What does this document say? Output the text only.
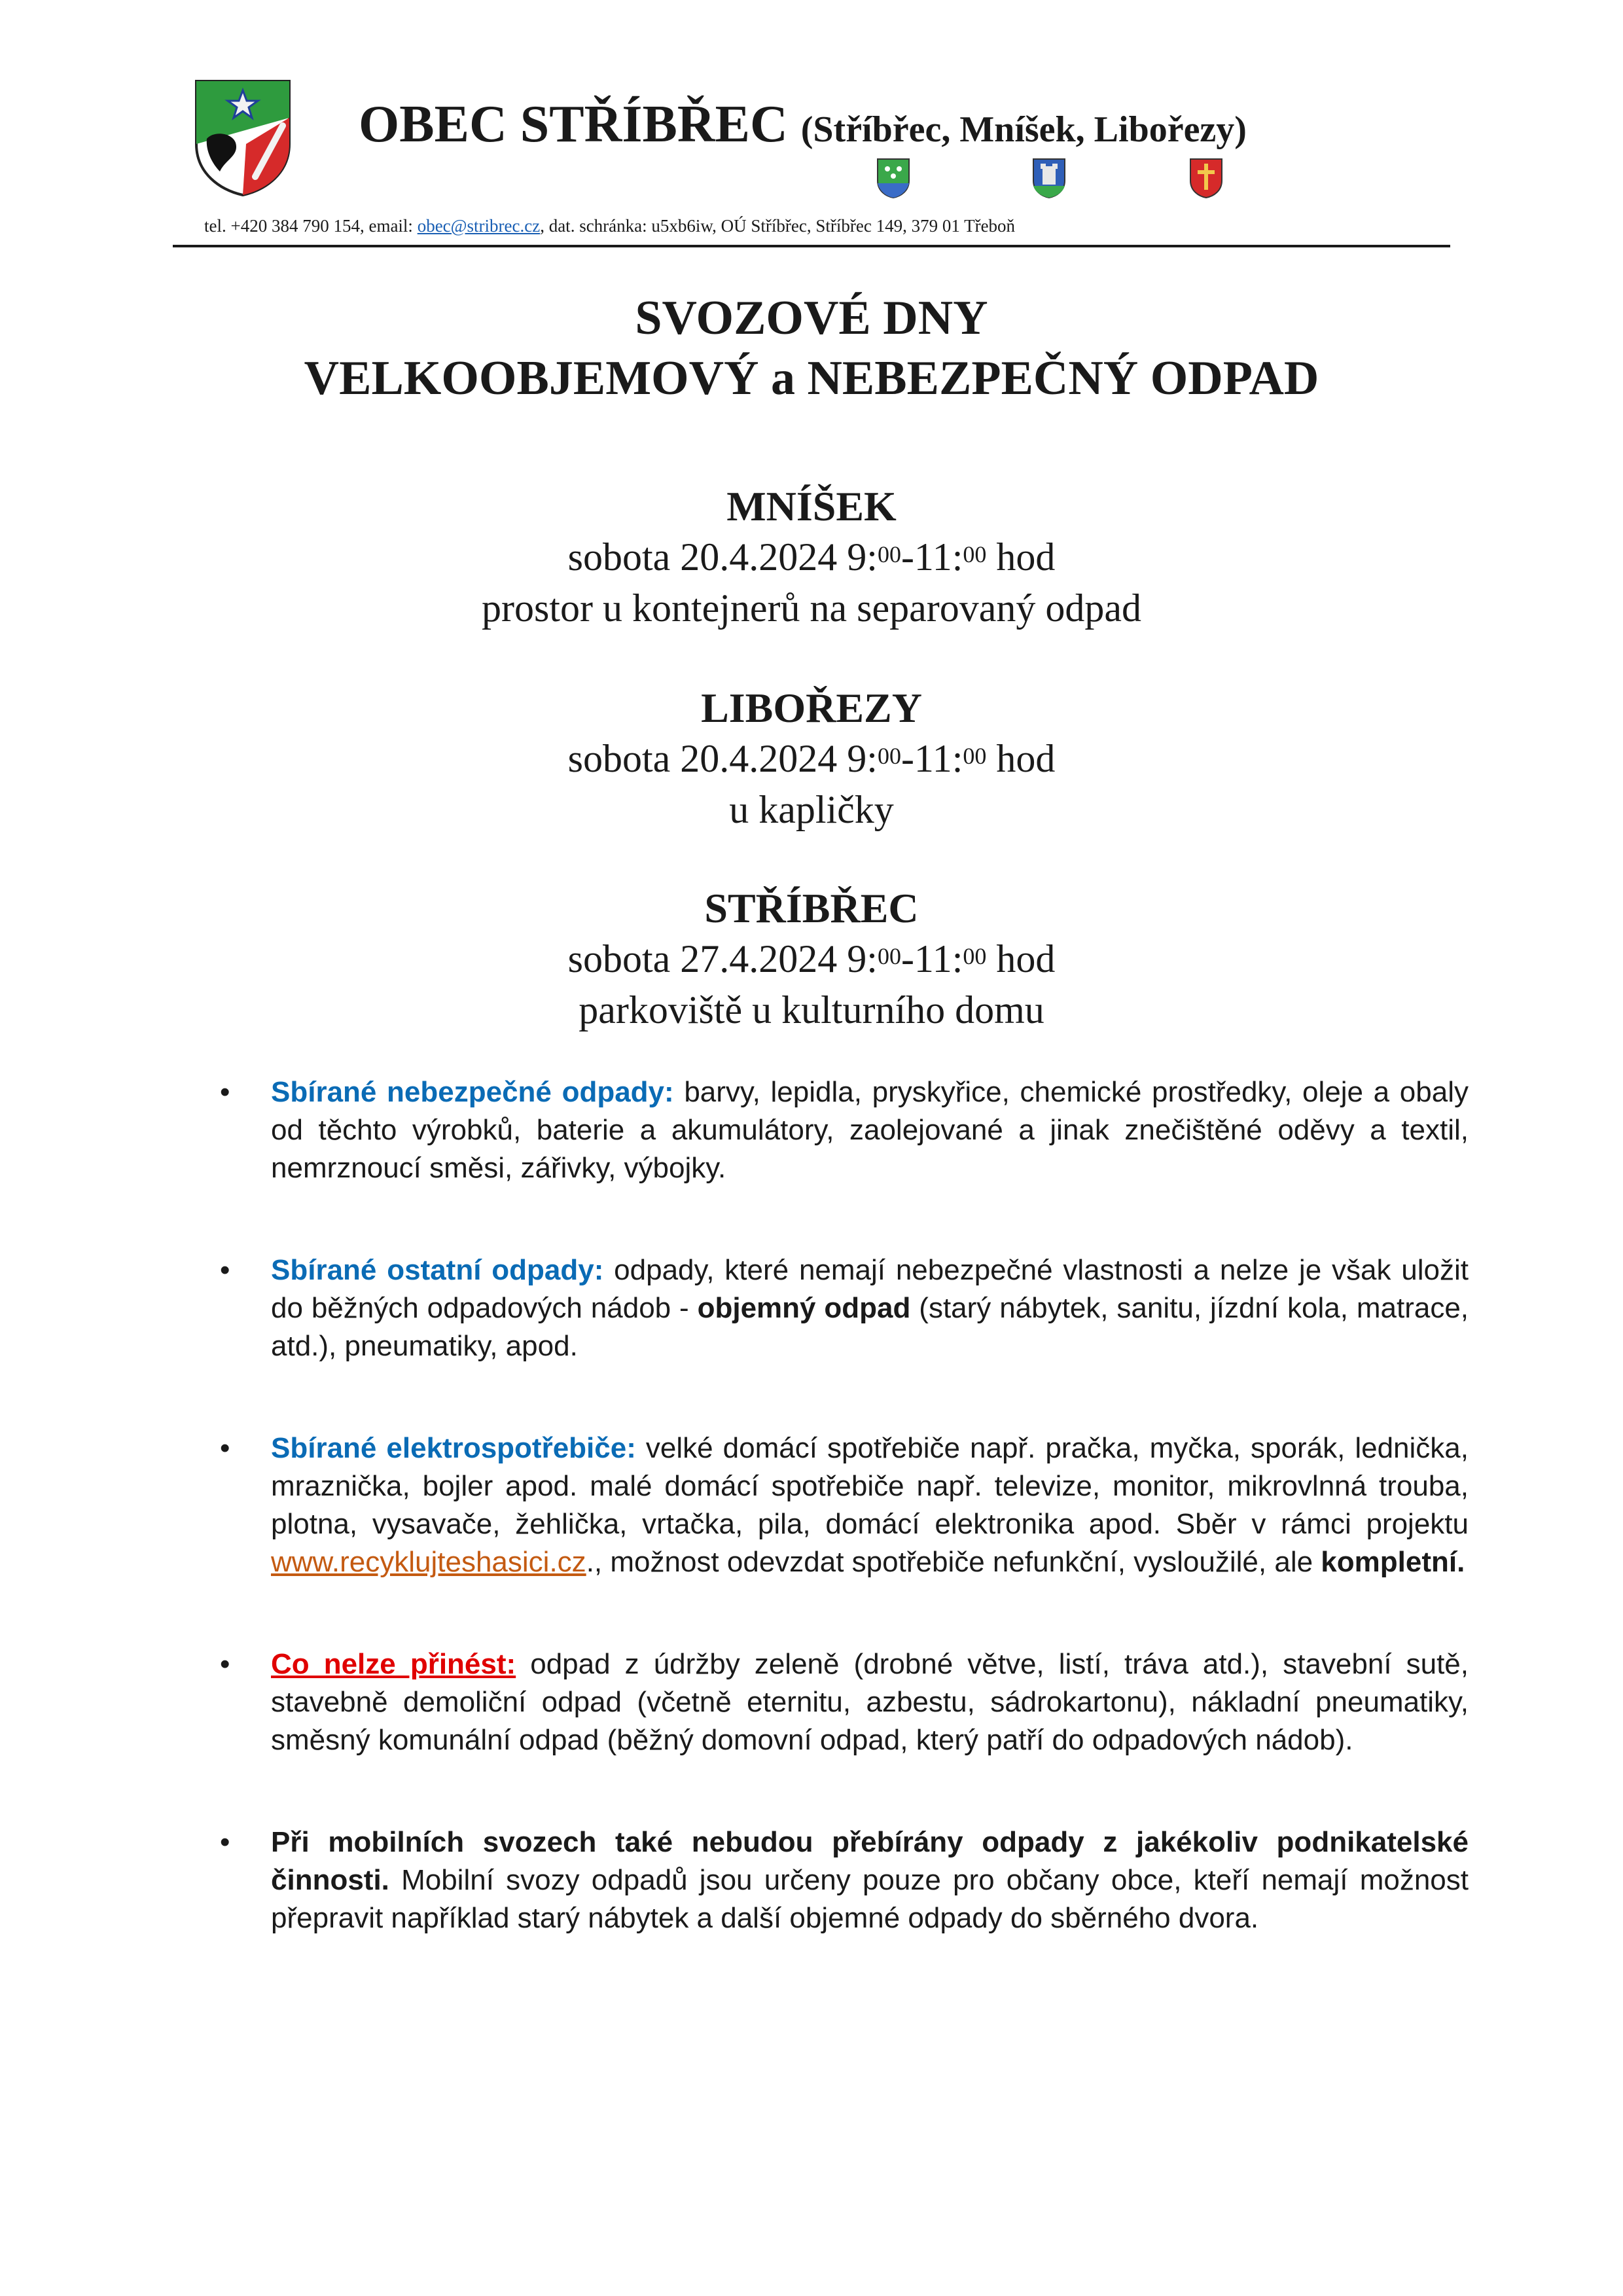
OBEC STŘÍBŘEC (Stříbřec, Mníšek, Libořezy)
tel. +420 384 790 154, email: obec@stribrec.cz, dat. schránka: u5xb6iw, OÚ Stříbřec, Stříbřec 149, 379 01 Třeboň
SVOZOVÉ DNY
VELKOOBJEMOVÝ a NEBEZPEČNÝ ODPAD
MNÍŠEK
sobota 20.4.2024 9:$^{00}$-11:$^{00}$ hod
prostor u kontejnerů na separovaný odpad
LIBOŘEZY
sobota 20.4.2024 9:$^{00}$-11:$^{00}$ hod
u kapličky
STŘÍBŘEC
sobota 27.4.2024 9:$^{00}$-11:$^{00}$ hod
parkoviště u kulturního domu
• Sbírané nebezpečné odpady: barvy, lepidla, pryskyřice, chemické prostředky, oleje a obaly od těchto výrobků, baterie a akumulátory, zaolejované a jinak znečištěné oděvy a textil, nemrznoucí směsi, zářivky, výbojky.
• Sbírané ostatní odpady: odpady, které nemají nebezpečné vlastnosti a nelze je však uložit do běžných odpadových nádob - objemný odpad (starý nábytek, sanitu, jízdní kola, matrace, atd.), pneumatiky, apod.
• Sbírané elektrospotřebiče: velké domácí spotřebiče např. pračka, myčka, sporák, lednička, mraznička, bojler apod. malé domácí spotřebiče např. televize, monitor, mikrovlnná trouba, plotna, vysavače, žehlička, vrtačka, pila, domácí elektronika apod. Sběr v rámci projektu www.recyklujteshasici.cz., možnost odevzdat spotřebiče nefunkční, vysloužilé, ale kompletní.
• Co nelze přinést: odpad z údržby zeleně (drobné větve, listí, tráva atd.), stavební sutě, stavebně demoliční odpad (včetně eternitu, azbestu, sádrokartonu), nákladní pneumatiky, směsný komunální odpad (běžný domovní odpad, který patří do odpadových nádob).
• Při mobilních svozech také nebudou přebírány odpady z jakékoliv podnikatelské činnosti. Mobilní svozy odpadů jsou určeny pouze pro občany obce, kteří nemají možnost přepravit například starý nábytek a další objemné odpady do sběrného dvora.
